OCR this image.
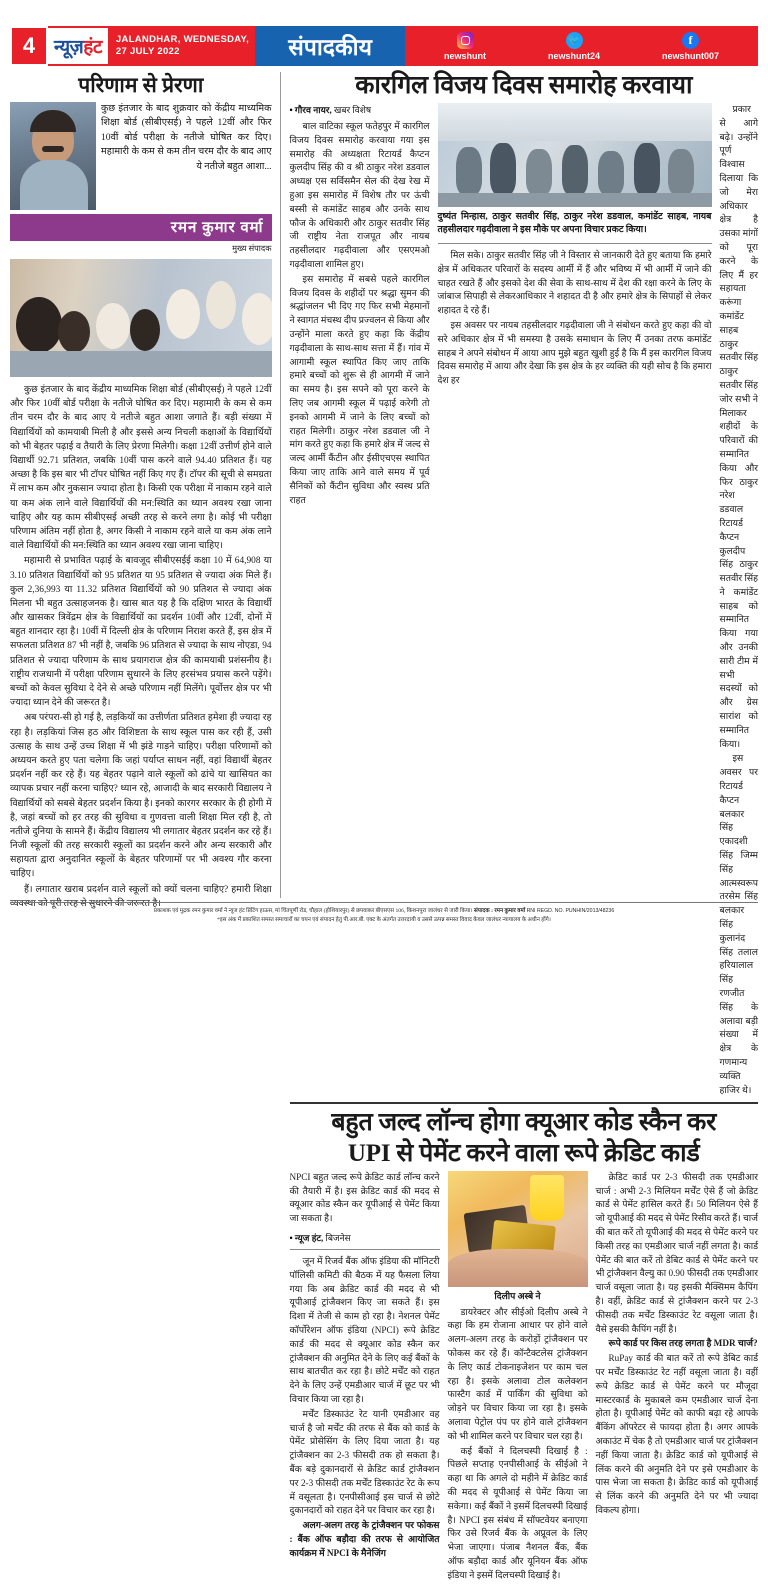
4 न्यूज़हंट JALANDHAR, WEDNESDAY,
27 JULY 2022	संपादकीय	newshunt
🐦
newshunt24
f
newshunt007
परिणाम से प्रेरणा
कुछ इंतजार के बाद शुक्रवार को केंद्रीय माध्यमिक शिक्षा बोर्ड (सीबीएसई) ने पहले 12वीं और फिर 10वीं बोर्ड परीक्षा के नतीजे घोषित कर दिए। महामारी के कम से कम तीन चरम दौर के बाद आए ये नतीजे बहुत आशा...
रमन कुमार वर्मा
मुख्य संपादक

कुछ इंतजार के बाद केंद्रीय माध्यमिक शिक्षा बोर्ड (सीबीएसई) ने पहले 12वीं और फिर 10वीं बोर्ड परीक्षा के नतीजे घोषित कर दिए। महामारी के कम से कम तीन चरम दौर के बाद आए ये नतीजे बहुत आशा जगाते हैं। बड़ी संख्या में विद्यार्थियों को कामयाबी मिली है और इससे अन्य निचली कक्षाओं के विद्यार्थियों को भी बेहतर पढ़ाई व तैयारी के लिए प्रेरणा मिलेगी। कक्षा 12वीं उत्तीर्ण होने वाले विद्यार्थी 92.71 प्रतिशत, जबकि 10वीं पास करने वाले 94.40 प्रतिशत हैं। यह अच्छा है कि इस बार भी टॉपर घोषित नहीं किए गए हैं। टॉपर की सूची से समग्रता में लाभ कम और नुकसान ज्यादा होता है। किसी एक परीक्षा में नाकाम रहने वाले या कम अंक लाने वाले विद्यार्थियों की मन:स्थिति का ध्यान अवश्य रखा जाना चाहिए और यह काम सीबीएसई अच्छी तरह से करने लगा है। कोई भी परीक्षा परिणाम अंतिम नहीं होता है, अगर किसी ने नाकाम रहने वाले या कम अंक लाने वाले विद्यार्थियों की मन:स्थिति का ध्यान अवश्य रखा जाना चाहिए।

महामारी से प्रभावित पढ़ाई के बावजूद सीबीएसईई कक्षा 10 में 64,908 या 3.10 प्रतिशत विद्यार्थियों को 95 प्रतिशत या 95 प्रतिशत से ज्यादा अंक मिले हैं। कुल 2,36,993 या 11.32 प्रतिशत विद्यार्थियों को 90 प्रतिशत से ज्यादा अंक मिलना भी बहुत उत्साहजनक है। खास बात यह है कि दक्षिण भारत के विद्यार्थी और खासकर त्रिवेंद्रम क्षेत्र के विद्यार्थियों का प्रदर्शन 10वीं और 12वीं, दोनों में बहुत शानदार रहा है। 10वीं में दिल्ली क्षेत्र के परिणाम निराश करते हैं, इस क्षेत्र में सफलता प्रतिशत 87 भी नहीं है, जबकि 96 प्रतिशत से ज्यादा के साथ नोएडा, 94 प्रतिशत से ज्यादा परिणाम के साथ प्रयागराज क्षेत्र की कामयाबी प्रशंसनीय है। राष्ट्रीय राजधानी में परीक्षा परिणाम सुधारने के लिए हरसंभव प्रयास करने पड़ेंगे। बच्चों को केवल सुविधा दे देने से अच्छे परिणाम नहीं मिलेंगे। पूर्वोत्तर क्षेत्र पर भी ज्यादा ध्यान देने की जरूरत है।

अब परंपरा-सी हो गई है, लड़कियों का उत्तीर्णता प्रतिशत हमेशा ही ज्यादा रह रहा है। लड़कियां जिस हठ और विशिष्टता के साथ स्कूल पास कर रही हैं, उसी उत्साह के साथ उन्हें उच्च शिक्षा में भी झंडे गाड़ने चाहिए। परीक्षा परिणामों को अध्ययन करते हुए पता चलेगा कि जहां पर्याप्त साधन नहीं, वहां विद्यार्थी बेहतर प्रदर्शन नहीं कर रहे हैं। यह बेहतर पढ़ाने वाले स्कूलों को ढांचे या खासियत का व्यापक प्रचार नहीं करना चाहिए? ध्यान रहे, आजादी के बाद सरकारी विद्यालय ने विद्यार्थियों को सबसे बेहतर प्रदर्शन किया है। इनको कारगर सरकार के ही होगी में है, जहां बच्चों को हर तरह की सुविधा व गुणवत्ता वाली शिक्षा मिल रही है, तो नतीजे दुनिया के सामने हैं। केंद्रीय विद्यालय भी लगातार बेहतर प्रदर्शन कर रहे हैं। निजी स्कूलों की तरह सरकारी स्कूलों का प्रदर्शन करने और अन्य सरकारी और सहायता द्वारा अनुदानित स्कूलों के बेहतर परिणामों पर भी अवश्य गौर करना चाहिए।

हैं। लगातार खराब प्रदर्शन वाले स्कूलों को क्यों चलना चाहिए? हमारी शिक्षा व्यवस्था को पूरी तरह से सुधारने की जरूरत है।

कारगिल विजय दिवस समारोह करवाया
• गौरव नायर, खबर विशेष

बाल वाटिका स्कूल फतेहपुर में कारगिल विजय दिवस समारोह करवाया गया इस समारोह की अध्यक्षता रिटायर्ड कैप्टन कुलदीप सिंह की व श्री ठाकुर नरेश डडवाल अध्यक्ष एस सर्विसमैन सेल की देख रेख में हुआ इस समारोह में विशेष तौर पर ऊंची बस्सी से कमांडेंट साहब और उनके साथ फौज के अधिकारी और ठाकुर सतवीर सिंह जी राष्ट्रीय नेता राजपूत और नायब तहसीलदार गढ़दीवाला और एसएमओ गढ़दीवाला शामिल हुए।

इस समारोह में सबसे पहले कारगिल विजय दिवस के शहीदों पर श्रद्धा सुमन की श्रद्धांजलन भी दिए गए फिर सभी मेहमानों ने स्वागत मंचस्थ दीप प्रज्वलन से किया और उन्होंने माला करते हुए कहा कि केंद्रीय गढ़दीवाला के साथ-साथ सत्ता में हैं। गांव में आगामी स्कूल स्थापित किए जाए ताकि हमारे बच्चों को शुरू से ही आगमी में जाने का समय है। इस सपने को पूरा करने के लिए जब आगमी स्कूल में पढ़ाई करेगी तो इनको आगमी में जाने के लिए बच्चों को राहत मिलेगी। ठाकुर नरेश डडवाल जी ने मांग करते हुए कहा कि हमारे क्षेत्र में जल्द से जल्द आर्मी कैंटीन और ईसीएचएस स्थापित किया जाए ताकि आने वाले समय में पूर्व सैनिकों को कैंटीन सुविधा और स्वस्थ प्रति राहत

दुष्यंत मिन्हास, ठाकुर सतवीर सिंह, ठाकुर नरेश डडवाल, कमांडेंट साहब, नायब तहसीलदार गढ़दीवाला ने इस मौके पर अपना विचार प्रकट किया।

मिल सके। ठाकुर सतवीर सिंह जी ने विस्तार से जानकारी देते हुए बताया कि हमारे क्षेत्र में अधिकतर परिवारों के सदस्य आर्मी में हैं और भविष्य में भी आर्मी में जाने की चाहत रखते हैं और इसको देश की सेवा के साथ-साथ में देश की रक्षा करने के लिए के जांबाज सिपाही से लेकरआधिकार ने शहादत दी है और हमारे क्षेत्र के सिपाहों से लेकर शहादत दे रहे हैं।

इस अवसर पर नायब तहसीलदार गढ़दीवाला जी ने संबोधन करते हुए कहा की वो सरे अधिकार क्षेत्र में भी समस्या है उसके समाधान के लिए मैं उनका तरफ कमांडेंट साहब ने अपने संबोधन में आया आप मुझे बहुत खुशी हुई है कि मैं इस कारगिल विजय दिवस समारोह में आया और देखा कि इस क्षेत्र के हर व्यक्ति की यही सोच है कि हमारा देश हर

प्रकार से आगे बढ़े। उन्होंने पूर्ण विश्वास दिलाया कि जो मेरा अधिकार क्षेत्र है उसका मांगों को पूरा करने के लिए मैं हर सहायता करूंगा कमांडेंट साहब ठाकुर सतवीर सिंह ठाकुर सतवीर सिंह जोर सभी ने मिलाकर शहीदों के परिवारों की सम्मानित किया और फिर ठाकुर नरेश डडवाल रिटायर्ड कैप्टन कुलदीप सिंह ठाकुर सतवीर सिंह ने कमांडेंट साहब को सम्मानित किया गया और उनकी सारी टीम में सभी सदस्यों को और ग्रेस सारांश को सम्मानित किया।

इस अवसर पर रिटायर्ड कैप्टन बलकार सिंह एकादशी सिंह जिम्म सिंह आत्मस्वरूप तरसेम सिंह बलकार सिंह कुलानंद सिंह तलाल हरियालाल सिंह रणजीत सिंह के अलावा बड़ी संख्या में क्षेत्र के गणमान्य व्यक्ति हाजिर थे।

बहुत जल्द लॉन्च होगा क्यूआर कोड स्कैन कर
UPI से पेमेंट करने वाला रूपे क्रेडिट कार्ड

NPCI बहुत जल्द रूपे क्रेडिट कार्ड लॉन्च करने की तैयारी में है। इस क्रेडिट कार्ड की मदद से क्यूआर कोड स्कैन कर यूपीआई से पेमेंट किया जा सकता है।

• न्यूज हंट, बिजनेस

जून में रिजर्व बैंक ऑफ इंडिया की मॉनिटरी पॉलिसी कमिटी की बैठक में यह फैसला लिया गया कि अब क्रेडिट कार्ड की मदद से भी यूपीआई ट्रांजैक्शन किए जा सकते हैं। इस दिशा में तेजी से काम हो रहा है। नेशनल पेमेंट कॉर्पोरेशन ऑफ इंडिया (NPCI) रूपे क्रेडिट कार्ड की मदद से क्यूआर कोड स्कैन कर ट्रांजैक्शन की अनुमित देने के लिए कई बैंकों के साथ बातचीत कर रहा है। छोटे मर्चेंट को राहत देने के लिए उन्हें एमडीआर चार्ज में छूट पर भी विचार किया जा रहा है।

मर्चेंट डिस्काउंट रेट यानी एमडीआर वह चार्ज है जो मर्चेंट की तरफ से बैंक को कार्ड के पेमेंट प्रोसेसिंग के लिए दिया जाता है। यह ट्रांजैक्शन का 2-3 फीसदी तक हो सकता है। बैंक बड़े दुकानदारों से क्रेडिट कार्ड ट्रांजैक्शन पर 2-3 फीसदी तक मर्चेंट डिस्काउंट रेट के रूप में वसूलता है। एनपीसीआई इस चार्ज से छोटे दुकानदारों को राहत देने पर विचार कर रहा है।

अलग-अलग तरह के ट्रांजैक्शन पर फोकस : बैंक ऑफ बड़ौदा की तरफ से आयोजित कार्यक्रम में NPCI के मैनेजिंग

दिलीप अस्बे ने

डायरेक्टर और सीईओ दिलीप अस्बे ने कहा कि हम रोजाना आधार पर होने वाले अलग-अलग तरह के करोड़ों ट्रांजैक्शन पर फोकस कर रहे हैं। कॉन्टैक्टलेस ट्रांजैक्शन के लिए कार्ड टोकनाइजेशन पर काम चल रहा है। इसके अलावा टोल कलेक्शन फास्टैग कार्ड में पार्किंग की सुविधा को जोड़ने पर विचार किया जा रहा है। इसके अलावा पेट्रोल पंप पर होने वाले ट्रांजैक्शन को भी शामिल करने पर विचार चल रहा है।

कई बैंकों ने दिलचस्पी दिखाई है : पिछले सप्ताह एनपीसीआई के सीईओ ने कहा था कि अगले दो महीने में क्रेडिट कार्ड की मदद से यूपीआई से पेमेंट किया जा सकेगा। कई बैंकों ने इसमें दिलचस्पी दिखाई है। NPCI इस संबंध में सॉफ्टवेयर बनाएगा फिर उसे रिजर्व बैंक के अप्रूवल के लिए भेजा जाएगा। पंजाब नैशनल बैंक, बैंक ऑफ बड़ौदा कार्ड और यूनियन बैंक ऑफ इंडिया ने इसमें दिलचस्पी दिखाई है।

क्रेडिट कार्ड पर 2-3 फीसदी तक एमडीआर चार्ज : अभी 2-3 मिलियन मर्चेंट ऐसे हैं जो क्रेडिट कार्ड से पेमेंट हासिल करते हैं। 50 मिलियन ऐसे हैं जो यूपीआई की मदद से पेमेंट रिसीव करते हैं। चार्ज की बात करें तो यूपीआई की मदद से पेमेंट करने पर किसी तरह का एमडीआर चार्ज नहीं लगता है। कार्ड पेमेंट की बात करें तो डेबिट कार्ड से पेमेंट करने पर भी ट्रांजैक्शन वैल्यु का 0.90 फीसदी तक एमडीआर चार्ज वसूला जाता है। यह इसकी मैक्सिमम कैपिंग है। वहीं, क्रेडिट कार्ड से ट्रांजैक्शन करने पर 2-3 फीसदी तक मर्चेंट डिस्काउंट रेट वसूला जाता है। वैसे इसकी कैपिंग नहीं है।

रूपे कार्ड पर किस तरह लगता है MDR चार्ज?

RuPay कार्ड की बात करें तो रूपे डेबिट कार्ड पर मर्चेंट डिस्काउंट रेट नहीं वसूला जाता है। वहीं रूपे क्रेडिट कार्ड से पेमेंट करने पर मौजूदा मास्टरकार्ड के मुकाबले कम एमडीआर चार्ज देना होता है। यूपीआई पेमेंट को काफी बढ़ा रहे आपके बैंकिंग ऑपरेटर से फायदा होता है। अगर आपके अकाउंट में चेक है तो एमडीआर चार्ज पर ट्रांजैक्शन नहीं किया जाता है। क्रेडिट कार्ड को यूपीआई से लिंक करने की अनुमति देने पर इसे एमडीआर के पास भेजा जा सकता है। क्रेडिट कार्ड को यूपीआई से लिंक करने की अनुमति देने पर भी ज्यादा विकल्प होगा।

प्रकाशक एवं मुद्रक रमन कुमार वर्मा ने न्यूज हंट प्रिंटिंग हाऊस, मां चिंतपूर्णी रोड, चौहाल (होशियारपुर) से छपवाकर बीएसएस 106, किशनपुरा जालंधर से जारी किया। संपादक : रमन कुमार वर्मा RNI REGD. NO. PUNHIN/2013/48236
*इस अंक में प्रकाशित समस्त समाचारों का चयन एवं संपादन हेतु पी.आर.बी. एक्ट के अंतर्गत उत्तरदायी व उससे उत्पन्न समस्त विवाद केवल जालंधर न्यायालय के अधीन होंगे।
